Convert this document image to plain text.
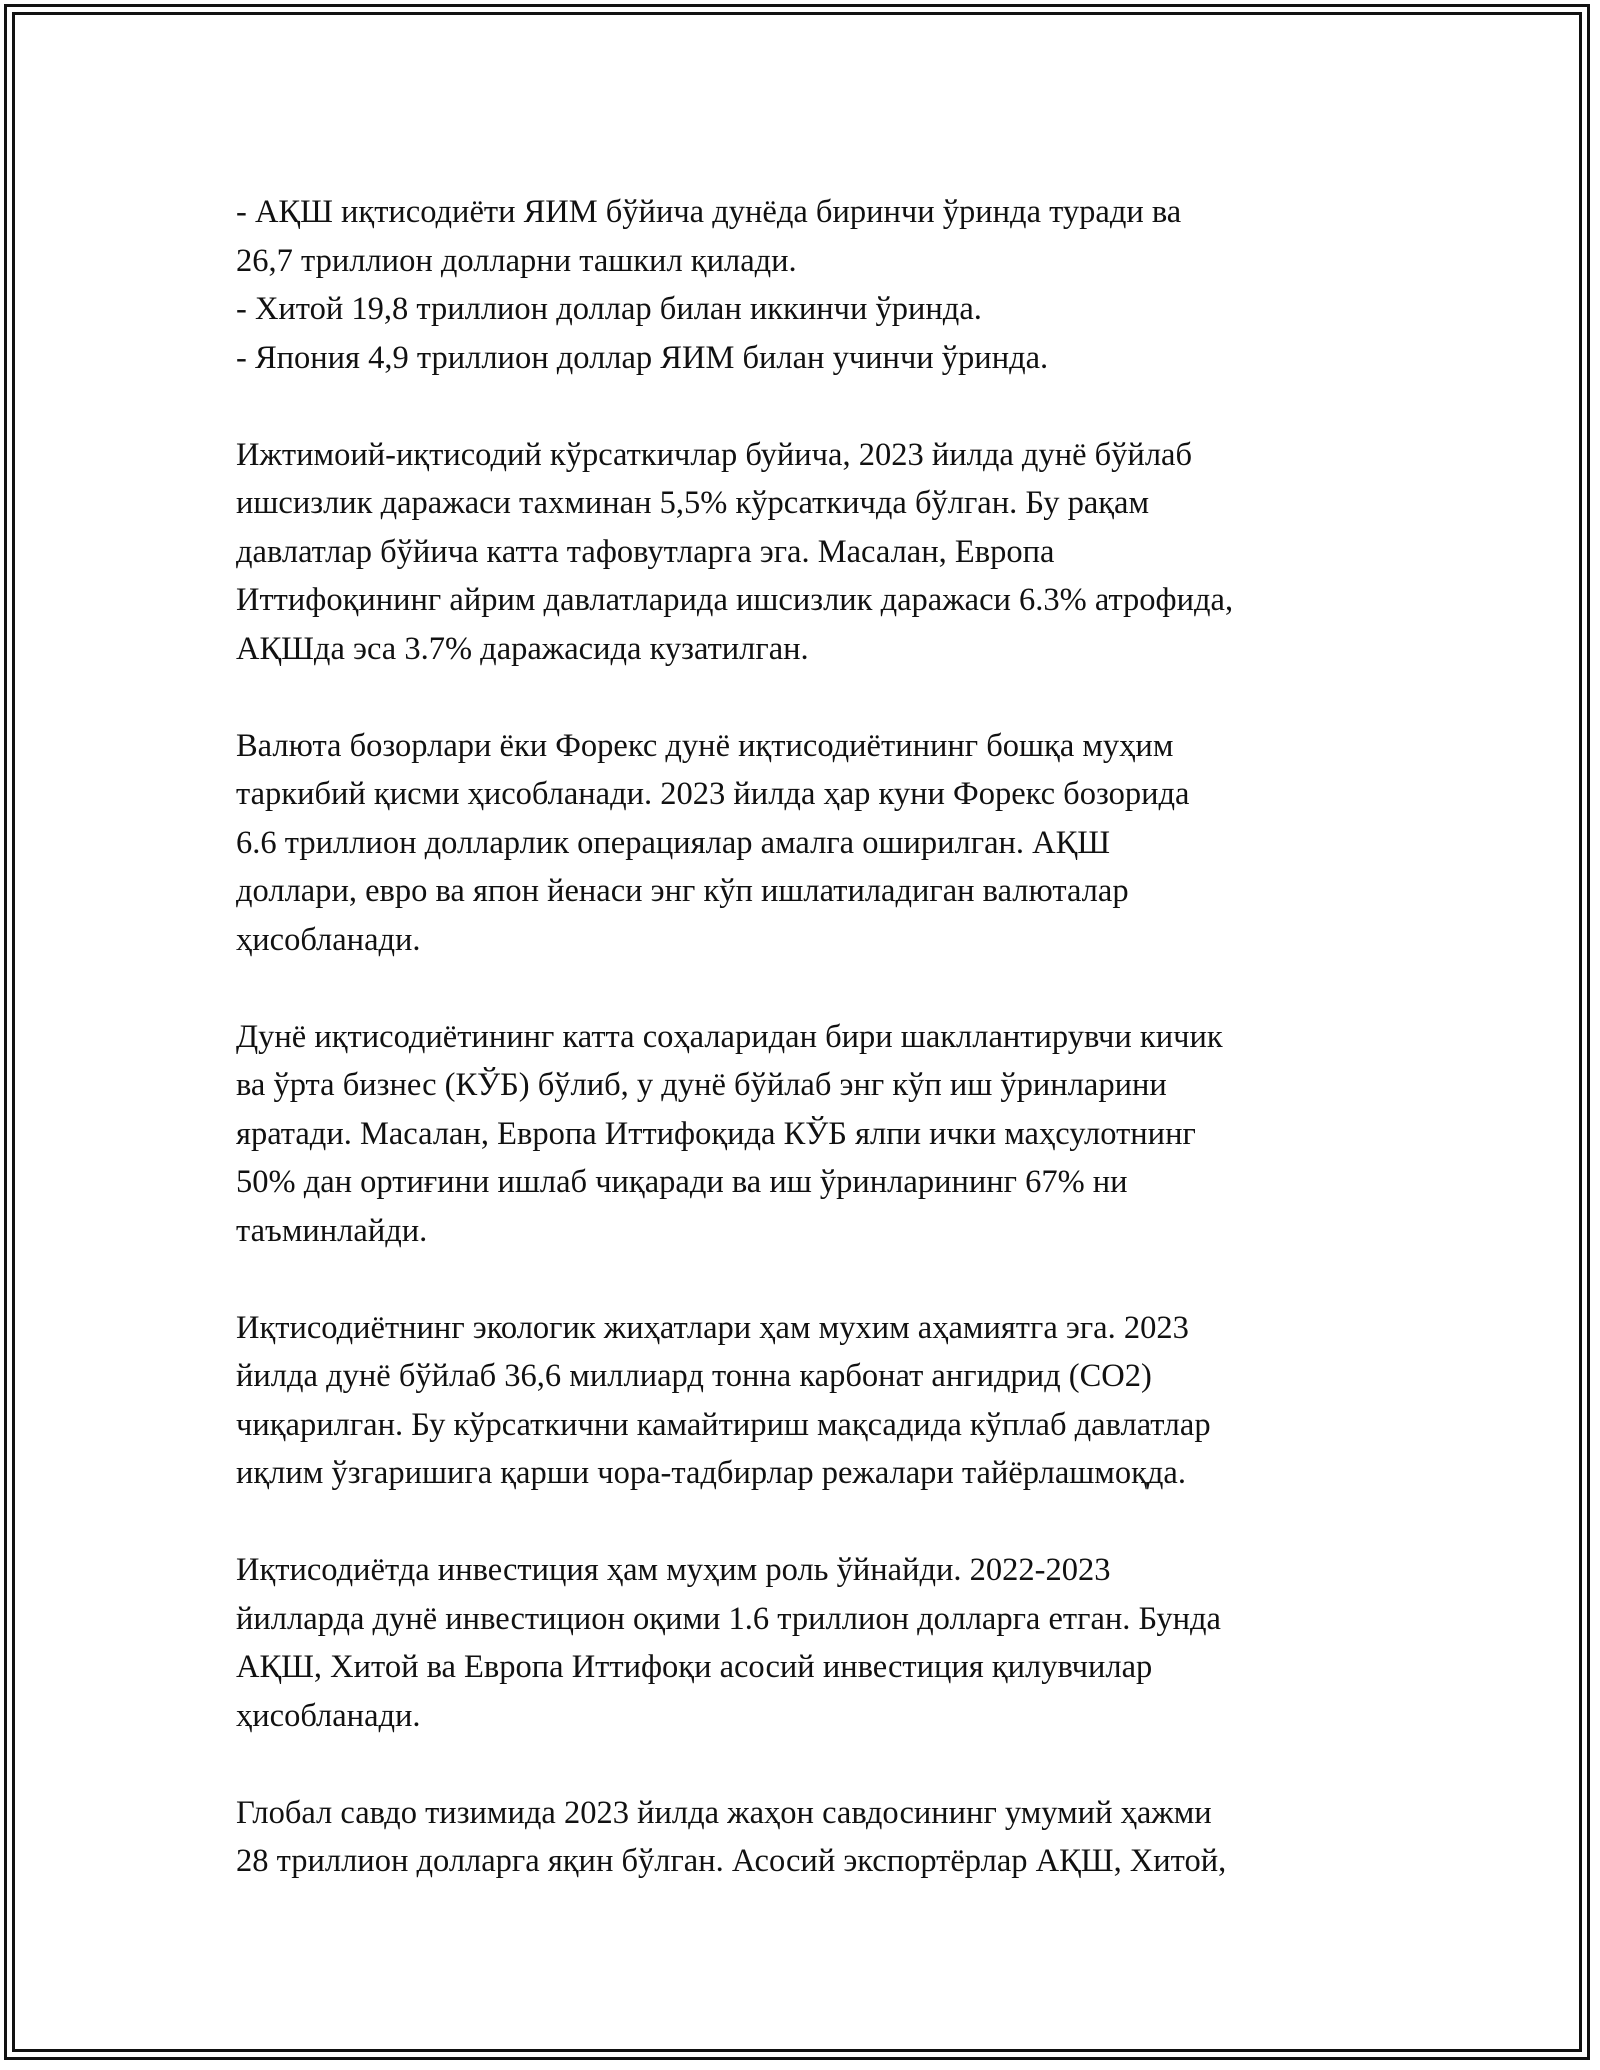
- АҚШ иқтисодиёти ЯИМ бўйича дунёда биринчи ўринда туради ва
26,7 триллион долларни ташкил қилади.
- Хитой 19,8 триллион доллар билан иккинчи ўринда.
- Япония 4,9 триллион доллар ЯИМ билан учинчи ўринда.
Ижтимоий-иқтисодий кўрсаткичлар буйича, 2023 йилда дунё бўйлаб
ишсизлик даражаси тахминан 5,5% кўрсаткичда бўлган. Бу рақам
давлатлар бўйича катта тафовутларга эга. Масалан, Европа
Иттифоқининг айрим давлатларида ишсизлик даражаси 6.3% атрофида,
АҚШда эса 3.7% даражасида кузатилган.
Валюта бозорлари ёки Форекс дунё иқтисодиётининг бошқа муҳим
таркибий қисми ҳисобланади. 2023 йилда ҳар куни Форекс бозорида
6.6 триллион долларлик операциялар амалга оширилган. АҚШ
доллари, евро ва япон йенаси энг кўп ишлатиладиган валюталар
ҳисобланади.
Дунё иқтисодиётининг катта соҳаларидан бири шакллантирувчи кичик
ва ўрта бизнес (КЎБ) бўлиб, у дунё бўйлаб энг кўп иш ўринларини
яратади. Масалан, Европа Иттифоқида КЎБ ялпи ички маҳсулотнинг
50% дан ортиғини ишлаб чиқаради ва иш ўринларининг 67% ни
таъминлайди.
Иқтисодиётнинг экологик жиҳатлари ҳам мухим аҳамиятга эга. 2023
йилда дунё бўйлаб 36,6 миллиард тонна карбонат ангидрид (CO2)
чиқарилган. Бу кўрсаткични камайтириш мақсадида кўплаб давлатлар
иқлим ўзгаришига қарши чора-тадбирлар режалари тайёрлашмоқда.
Иқтисодиётда инвестиция ҳам муҳим роль ўйнайди. 2022-2023
йилларда дунё инвестицион оқими 1.6 триллион долларга етган. Бунда
АҚШ, Хитой ва Европа Иттифоқи асосий инвестиция қилувчилар
ҳисобланади.
Глобал савдо тизимида 2023 йилда жаҳон савдосининг умумий ҳажми
28 триллион долларга яқин бўлган. Асосий экспортёрлар АҚШ, Хитой,
